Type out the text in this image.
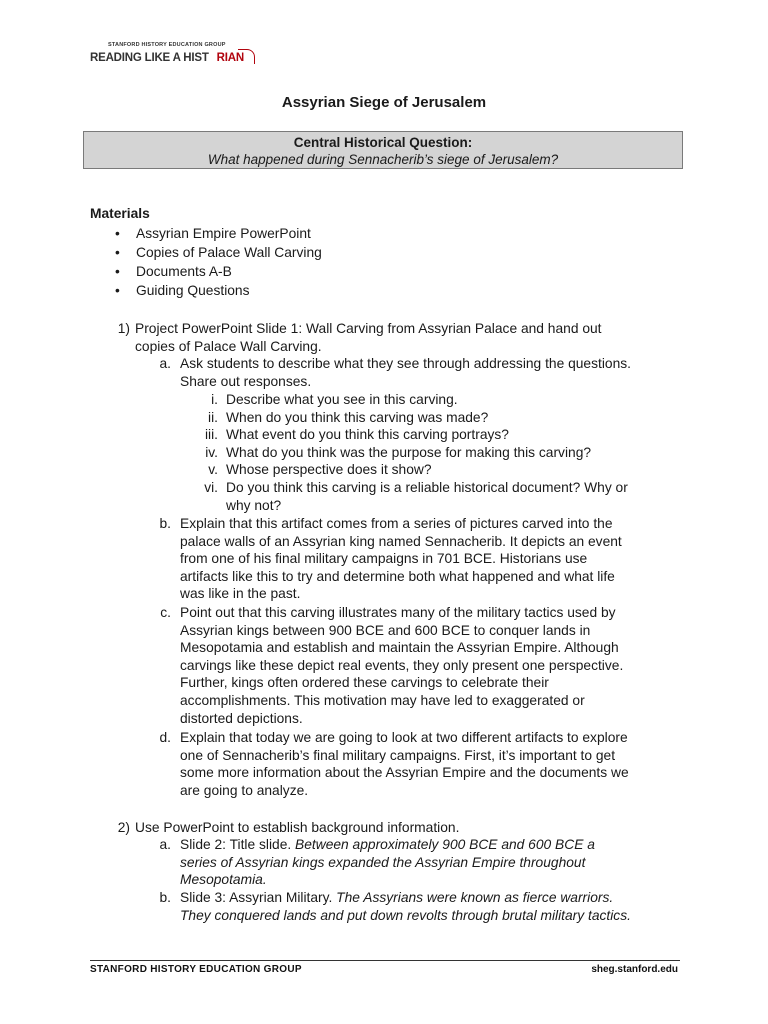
STANFORD HISTORY EDUCATION GROUP
READING LIKE A HIST RIAN
Assyrian Siege of Jerusalem
Central Historical Question:
What happened during Sennacherib’s siege of Jerusalem?
Materials
• Assyrian Empire PowerPoint
• Copies of Palace Wall Carving
• Documents A-B
• Guiding Questions
1) Project PowerPoint Slide 1: Wall Carving from Assyrian Palace and hand out

copies of Palace Wall Carving.

a. Ask students to describe what they see through addressing the questions.

Share out responses.

i. Describe what you see in this carving.

ii. When do you think this carving was made?

iii. What event do you think this carving portrays?

iv. What do you think was the purpose for making this carving?

v. Whose perspective does it show?

vi. Do you think this carving is a reliable historical document? Why or

why not?

b. Explain that this artifact comes from a series of pictures carved into the

palace walls of an Assyrian king named Sennacherib. It depicts an event

from one of his final military campaigns in 701 BCE. Historians use

artifacts like this to try and determine both what happened and what life

was like in the past.

c. Point out that this carving illustrates many of the military tactics used by

Assyrian kings between 900 BCE and 600 BCE to conquer lands in

Mesopotamia and establish and maintain the Assyrian Empire. Although

carvings like these depict real events, they only present one perspective.

Further, kings often ordered these carvings to celebrate their

accomplishments. This motivation may have led to exaggerated or

distorted depictions.

d. Explain that today we are going to look at two different artifacts to explore

one of Sennacherib’s final military campaigns. First, it’s important to get

some more information about the Assyrian Empire and the documents we

are going to analyze.

2) Use PowerPoint to establish background information.

a. Slide 2: Title slide. Between approximately 900 BCE and 600 BCE a

series of Assyrian kings expanded the Assyrian Empire throughout

Mesopotamia.

b. Slide 3: Assyrian Military. The Assyrians were known as fierce warriors.

They conquered lands and put down revolts through brutal military tactics.

STANFORD HISTORY EDUCATION GROUP	sheg.stanford.edu
